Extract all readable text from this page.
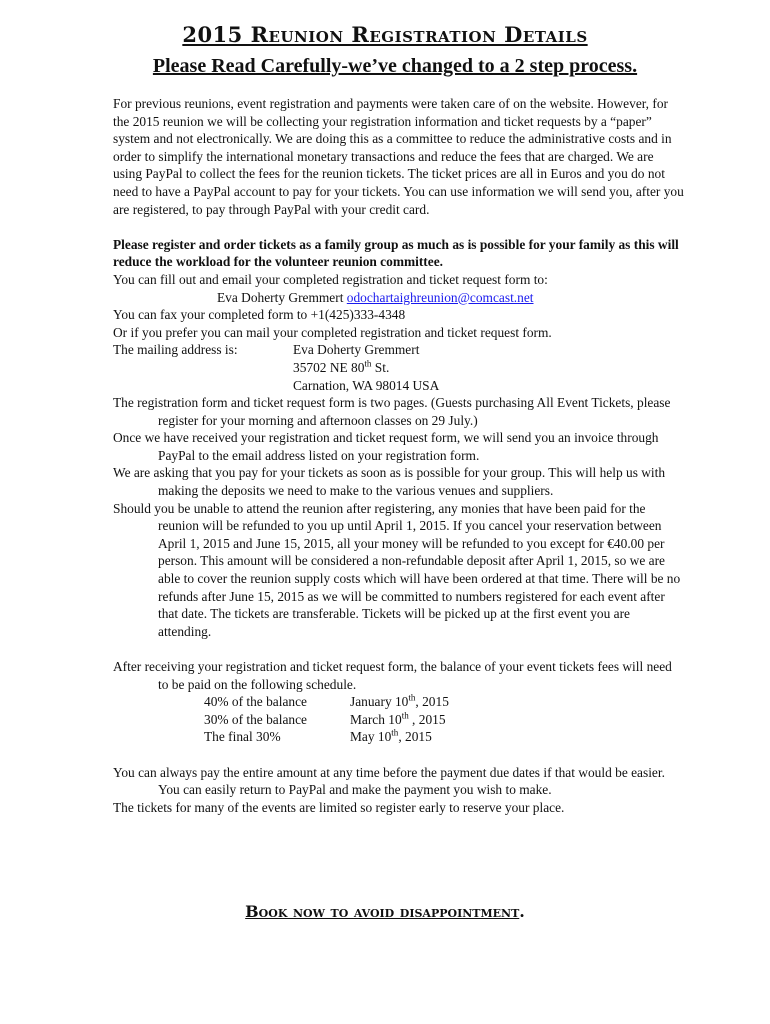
2015 Reunion Registration Details
Please Read Carefully-we’ve changed to a 2 step process.

For previous reunions, event registration and payments were taken care of on the website. However, for the 2015 reunion we will be collecting your registration information and ticket requests by a “paper” system and not electronically. We are doing this as a committee to reduce the administrative costs and in order to simplify the international monetary transactions and reduce the fees that are charged. We are using PayPal to collect the fees for the reunion tickets. The ticket prices are all in Euros and you do not need to have a PayPal account to pay for your tickets. You can use information we will send you, after you are registered, to pay through PayPal with your credit card.

Please register and order tickets as a family group as much as is possible for your family as this will reduce the workload for the volunteer reunion committee.

You can fill out and email your completed registration and ticket request form to:

Eva Doherty Gremmert odochartaighreunion@comcast.net

You can fax your completed form to +1(425)333-4348

Or if you prefer you can mail your completed registration and ticket request form.

The mailing address is:	Eva Doherty Gremmert
35702 NE 80th St.
Carnation, WA 98014 USA

The registration form and ticket request form is two pages. (Guests purchasing All Event Tickets, please register for your morning and afternoon classes on 29 July.)

Once we have received your registration and ticket request form, we will send you an invoice through PayPal to the email address listed on your registration form.

We are asking that you pay for your tickets as soon as is possible for your group. This will help us with making the deposits we need to make to the various venues and suppliers.

Should you be unable to attend the reunion after registering, any monies that have been paid for the reunion will be refunded to you up until April 1, 2015. If you cancel your reservation between April 1, 2015 and June 15, 2015, all your money will be refunded to you except for €40.00 per person. This amount will be considered a non-refundable deposit after April 1, 2015, so we are able to cover the reunion supply costs which will have been ordered at that time. There will be no refunds after June 15, 2015 as we will be committed to numbers registered for each event after that date. The tickets are transferable. Tickets will be picked up at the first event you are attending.

After receiving your registration and ticket request form, the balance of your event tickets fees will need to be paid on the following schedule.

40% of the balance	January 10th, 2015
30% of the balance	March 10th , 2015
The final 30%	May 10th, 2015

You can always pay the entire amount at any time before the payment due dates if that would be easier. You can easily return to PayPal and make the payment you wish to make.

The tickets for many of the events are limited so register early to reserve your place.

Book now to avoid disappointment.
